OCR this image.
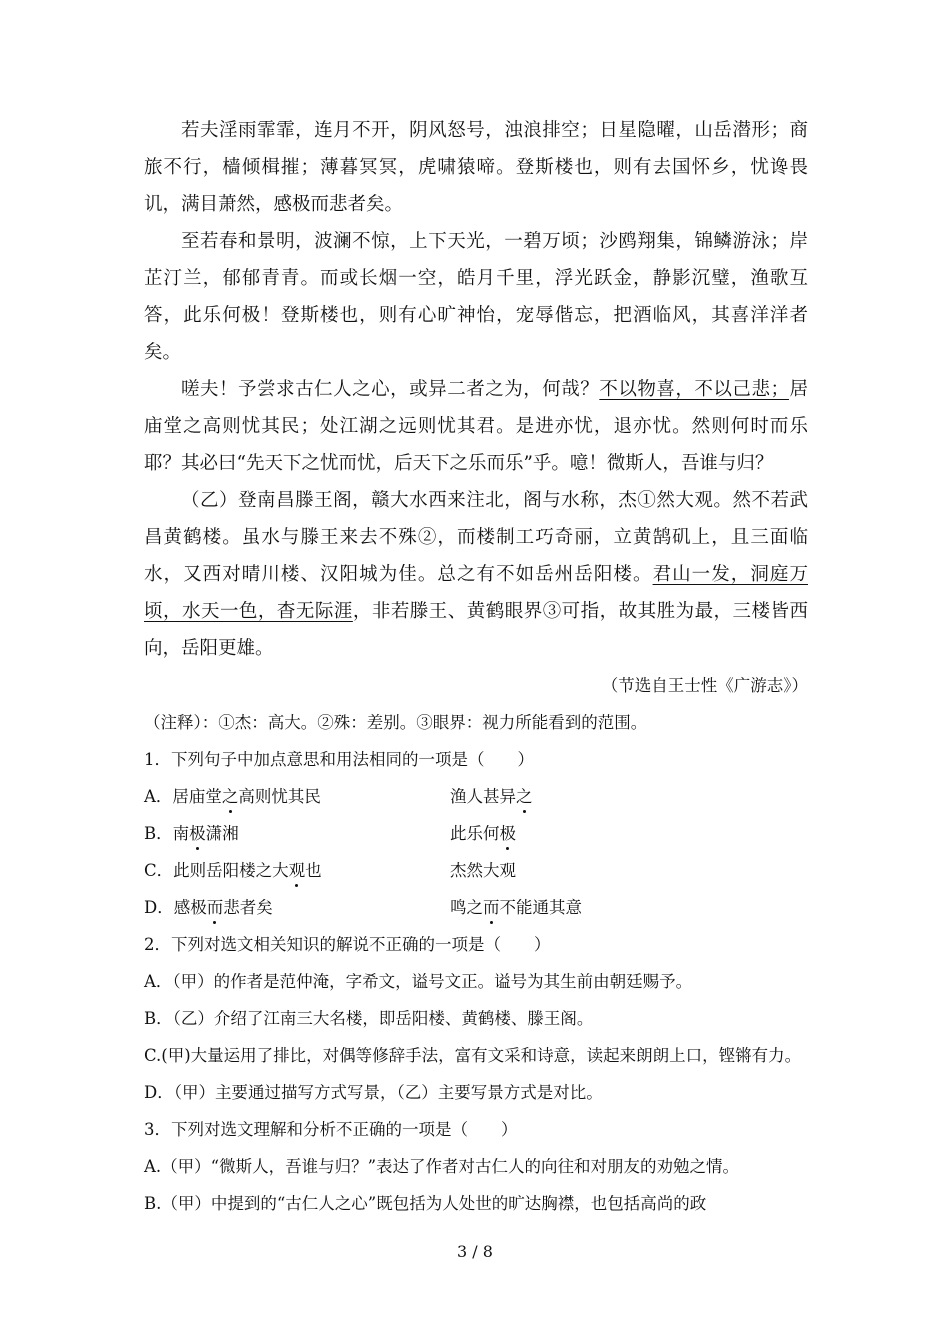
若夫淫雨霏霏，连月不开，阴风怒号，浊浪排空；日星隐曜，山岳潜形；商旅不行，樯倾楫摧；薄暮冥冥，虎啸猿啼。登斯楼也，则有去国怀乡，忧谗畏讥，满目萧然，感极而悲者矣。

至若春和景明，波澜不惊，上下天光，一碧万顷；沙鸥翔集，锦鳞游泳；岸芷汀兰，郁郁青青。而或长烟一空，皓月千里，浮光跃金，静影沉璧，渔歌互答，此乐何极！登斯楼也，则有心旷神怡，宠辱偕忘，把酒临风，其喜洋洋者矣。

嗟夫！予尝求古仁人之心，或异二者之为，何哉？不以物喜，不以己悲；居庙堂之高则忧其民；处江湖之远则忧其君。是进亦忧，退亦忧。然则何时而乐耶？其必曰“先天下之忧而忧，后天下之乐而乐”乎。噫！微斯人，吾谁与归？

（乙）登南昌滕王阁，赣大水西来注北，阁与水称，杰①然大观。然不若武昌黄鹤楼。虽水与滕王来去不殊②，而楼制工巧奇丽，立黄鹄矶上，且三面临水，又西对晴川楼、汉阳城为佳。总之有不如岳州岳阳楼。君山一发，洞庭万顷，水天一色，杳无际涯，非若滕王、黄鹤眼界③可指，故其胜为最，三楼皆西向，岳阳更雄。

（节选自王士性《广游志》）

（注释）：①杰：高大。②殊：差别。③眼界：视力所能看到的范围。

1．下列句子中加点意思和用法相同的一项是（　　）

A．居庙堂之高则忧其民	渔人甚异之
B．南极潇湘	此乐何极
C．此则岳阳楼之大观也	杰然大观
D．感极而悲者矣	鸣之而不能通其意

2．下列对选文相关知识的解说不正确的一项是（　　）

A．（甲）的作者是范仲淹，字希文，谥号文正。谥号为其生前由朝廷赐予。

B．（乙）介绍了江南三大名楼，即岳阳楼、黄鹤楼、滕王阁。

C.(甲)大量运用了排比，对偶等修辞手法，富有文采和诗意，读起来朗朗上口，铿锵有力。

D．（甲）主要通过描写方式写景，（乙）主要写景方式是对比。

3．下列对选文理解和分析不正确的一项是（　　）

A.（甲）“微斯人，吾谁与归？”表达了作者对古仁人的向往和对朋友的劝勉之情。

B.（甲）中提到的“古仁人之心”既包括为人处世的旷达胸襟，也包括高尚的政

3 / 8
